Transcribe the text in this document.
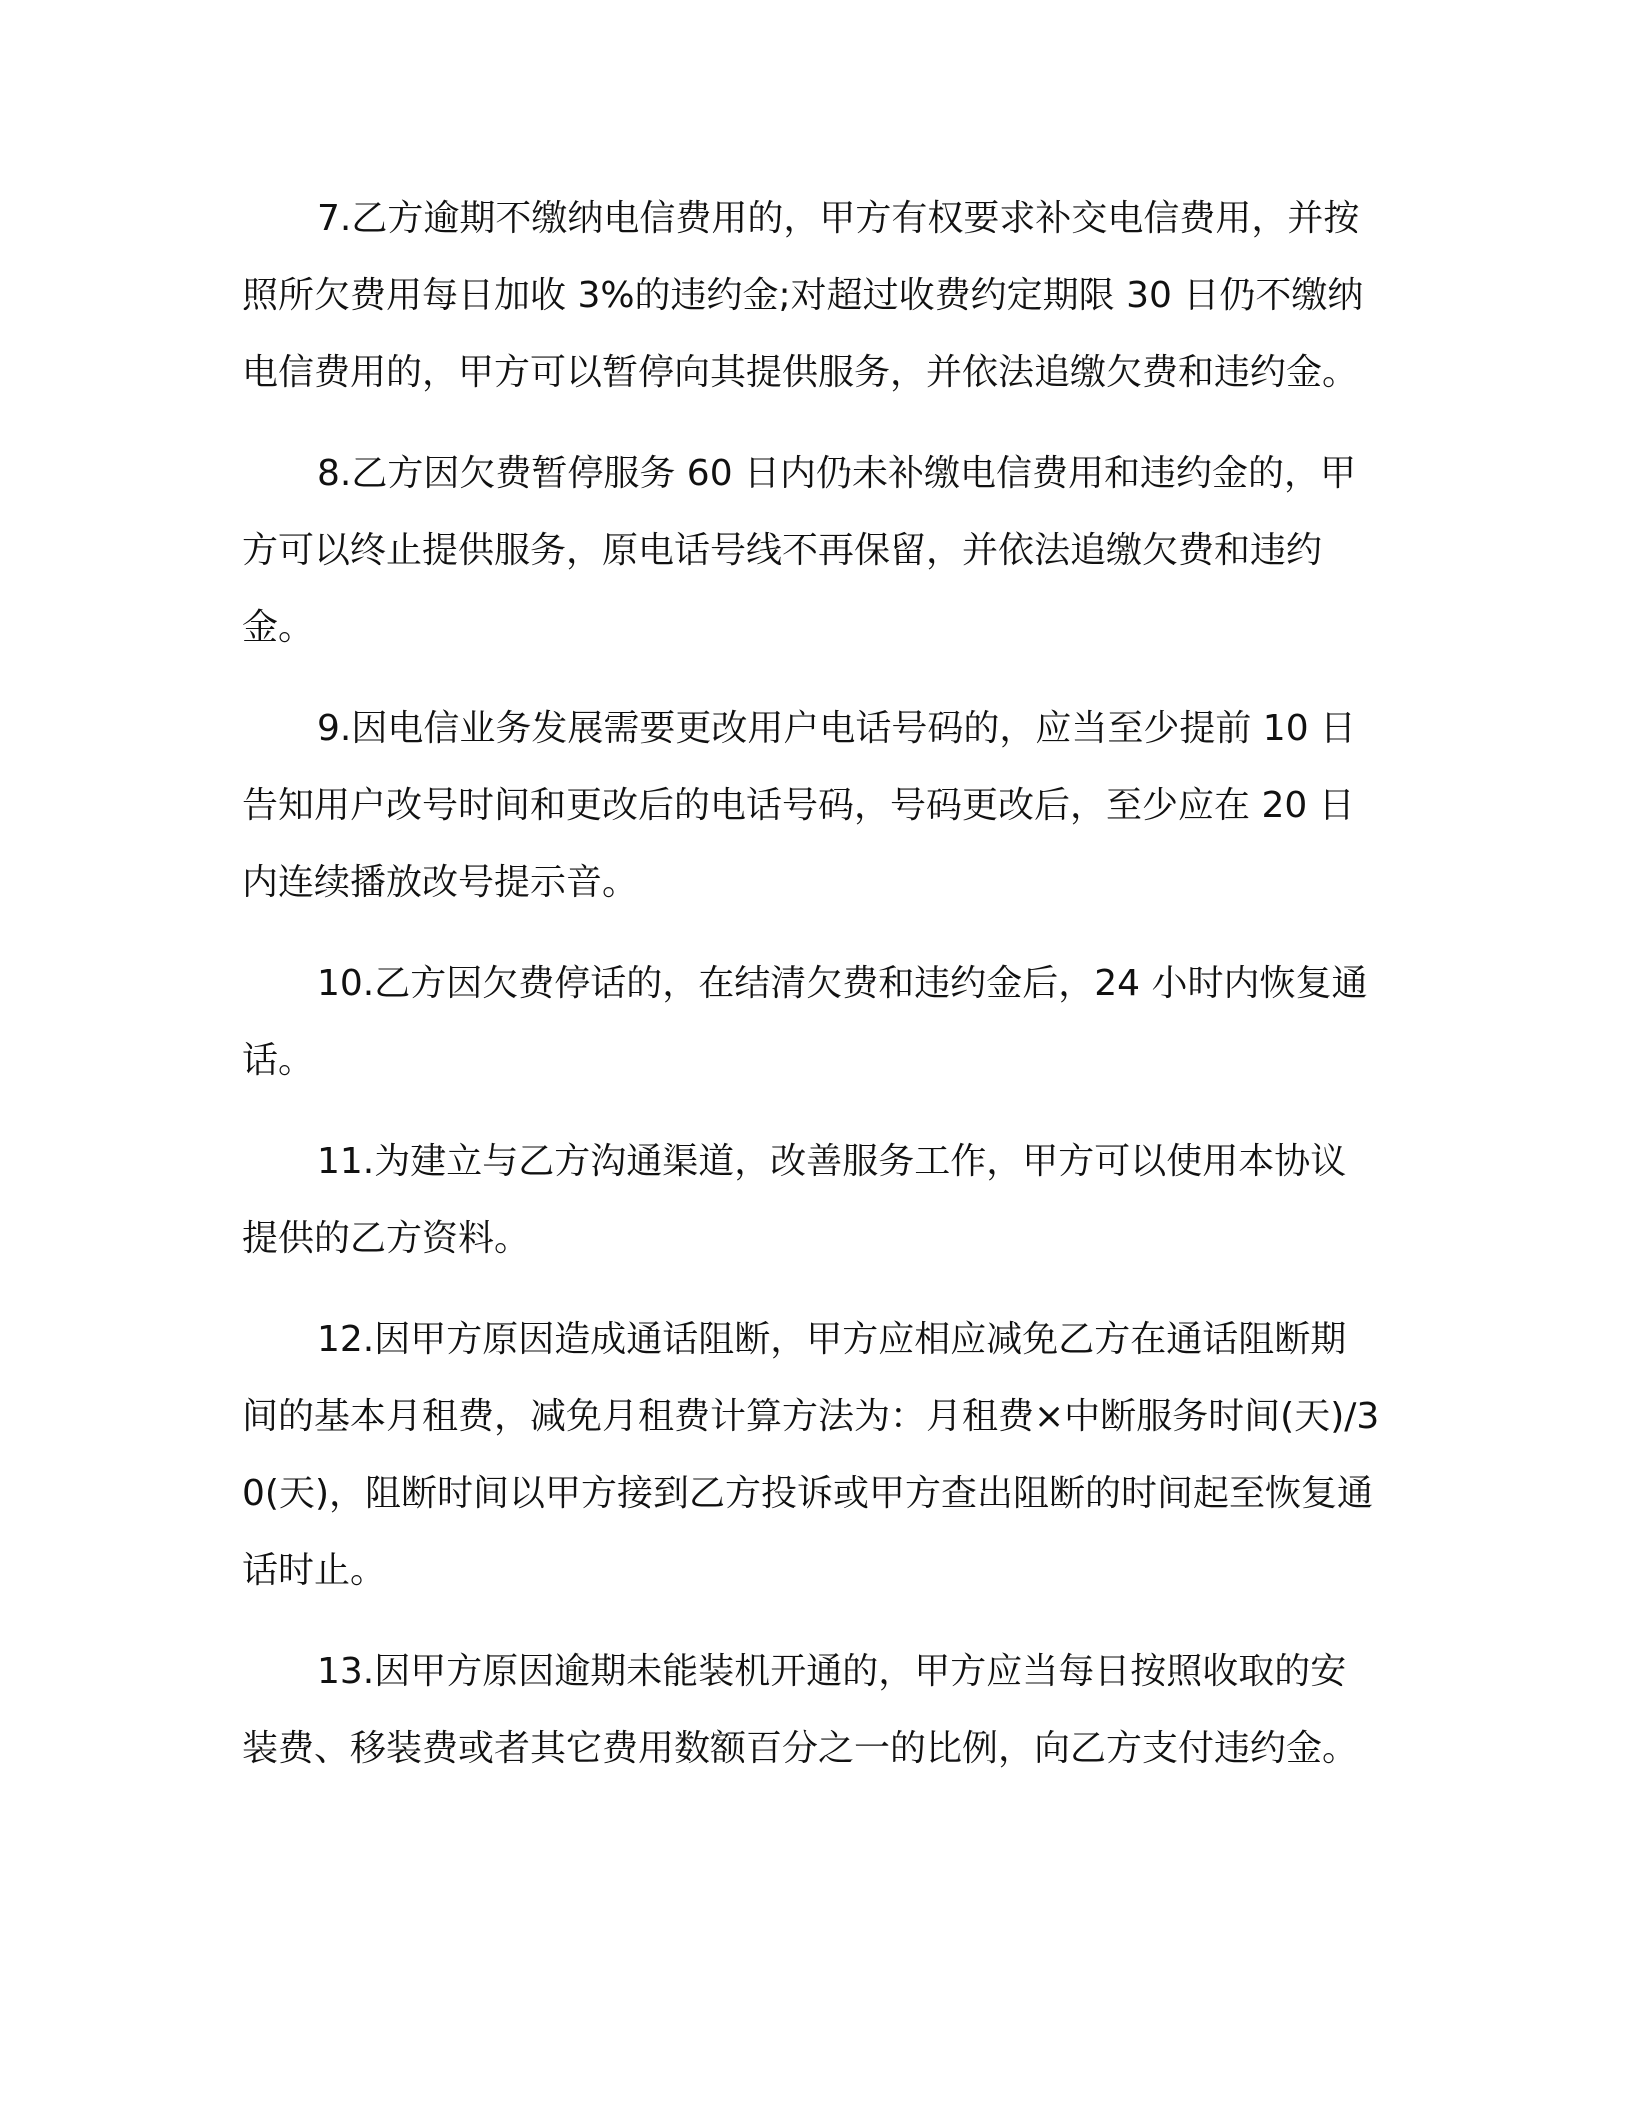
7.乙方逾期不缴纳电信费用的，甲方有权要求补交电信费用，并按照所欠费用每日加收 3%的违约金;对超过收费约定期限 30 日仍不缴纳电信费用的，甲方可以暂停向其提供服务，并依法追缴欠费和违约金。

8.乙方因欠费暂停服务 60 日内仍未补缴电信费用和违约金的，甲方可以终止提供服务，原电话号线不再保留，并依法追缴欠费和违约金。

9.因电信业务发展需要更改用户电话号码的，应当至少提前 10 日告知用户改号时间和更改后的电话号码，号码更改后，至少应在 20 日内连续播放改号提示音。

10.乙方因欠费停话的，在结清欠费和违约金后，24 小时内恢复通话。

11.为建立与乙方沟通渠道，改善服务工作，甲方可以使用本协议提供的乙方资料。

12.因甲方原因造成通话阻断，甲方应相应减免乙方在通话阻断期间的基本月租费，减免月租费计算方法为：月租费×中断服务时间(天)/30(天)，阻断时间以甲方接到乙方投诉或甲方查出阻断的时间起至恢复通话时止。

13.因甲方原因逾期未能装机开通的，甲方应当每日按照收取的安装费、移装费或者其它费用数额百分之一的比例，向乙方支付违约金。
